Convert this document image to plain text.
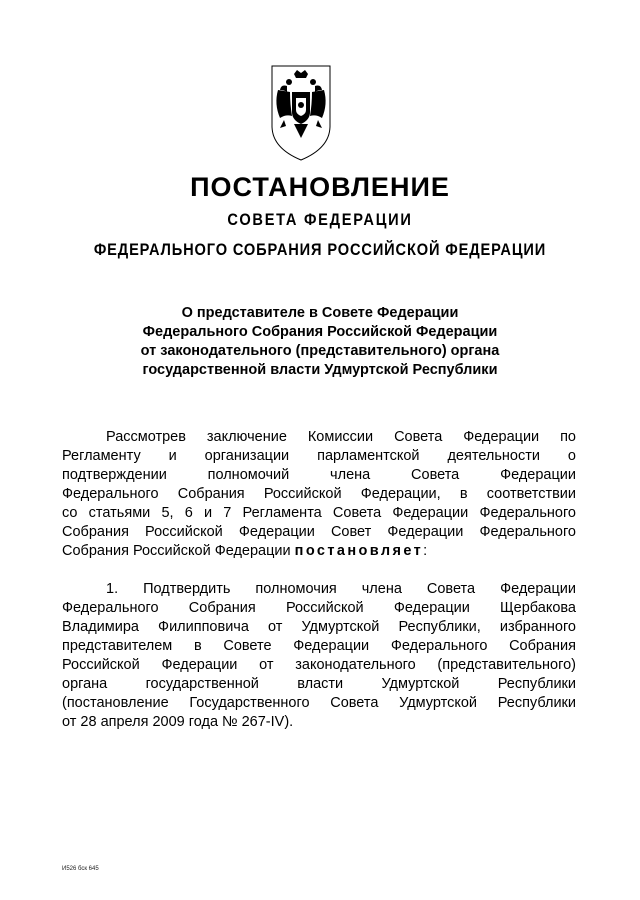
ПОСТАНОВЛЕНИЕ
СОВЕТА ФЕДЕРАЦИИ
ФЕДЕРАЛЬНОГО СОБРАНИЯ РОССИЙСКОЙ ФЕДЕРАЦИИ
О представителе в Совете Федерации
Федерального Собрания Российской Федерации
от законодательного (представительного) органа
государственной власти Удмуртской Республики
Рассмотрев заключение Комиссии Совета Федерации по
Регламенту и организации парламентской деятельности о
подтверждении полномочий члена Совета Федерации
Федерального Собрания Российской Федерации, в соответствии
со статьями 5, 6 и 7 Регламента Совета Федерации Федерального
Собрания Российской Федерации Совет Федерации Федерального
Собрания Российской Федерации постановляет:
1. Подтвердить полномочия члена Совета Федерации
Федерального Собрания Российской Федерации Щербакова
Владимира Филипповича от Удмуртской Республики, избранного
представителем в Совете Федерации Федерального Собрания
Российской Федерации от законодательного (представительного)
органа государственной власти Удмуртской Республики
(постановление Государственного Совета Удмуртской Республики
от 28 апреля 2009 года № 267-IV).
И526 бск 645
